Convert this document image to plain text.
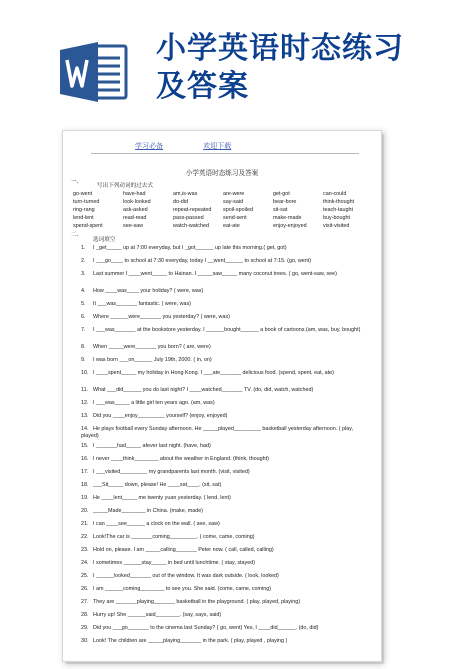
小学英语时态练习
及答案
学习必备	欢迎下载
小学英语时态练习及答案
一、
写出下列动词的过去式
go-went	have-had	am,is-was	are-were	get-got	can-could
turn-turned	look-looked	do-did	say-said	bear-bore	think-thought
ring-rang	ask-asked	repeat-repeated	spoil-spoiled	sit-sat	teach-taught
lend-lent	read-read	pass-passed	send-sent	make-made	buy-bought
spend-spent	see-saw	watch-watched	eat-ate	enjoy-enjoyed	visit-visited
二、
选词填空
1. I _get_____ up at 7:00 everyday, but I _got______ up late this morning.( get, got)
2. I ___go____ to school at 7:30 everyday, today I __went______ to school at 7:15. (go, went)
3. Last summer I ____went_____ to Hainan. I _____saw_____ many coconut trees. ( go, went-saw, see)
4. How ____was____ your holiday? ( were, was)
5. It ___was_______ fantastic. ( were, was)
6. Where ______were_______ you yesterday? ( were, was)
7. I ___was_______ at the bookstore yesterday. I ______bought______ a book of cartoons.(am, was, buy, bought)
8. When _____were_______ you born? ( are, were)
9. I was born ___on______ July 19th, 2000. ( in, on)
10. I ____spent_____ my holiday in Hong Kong. I ___ate_______ delicious food. (spend, spent, eat, ate)
11. What ___did______ you do last night? I ____watched_______ TV. (do, did, watch, watched)
12. I ___was_____ a little girl ten years ago. (am, was)
13. Did you ____enjoy_________ yourself? (enjoy, enjoyed)
14. He plays football every Sunday afternoon. He _____played_________ basketball yesterday afternoon. ( play, played)
15. I _______had_____ afever last night. (have, had)
16. I never ____think________ about the weather in England. (think, thought)
17. I ___visited_________ my grandparents last month. (visit, visited)
18. ___Sit_____ down, please! He ____sat____. (sit, sat)
19. He ____lent_____ me twenty yuan yesterday. ( lend, lent)
20. _____Made________ in China. (make, made)
21. I can ____see______ a clock on the wall. ( see, saw)
22. Look!The car is _______coming_________. ( come, came, coming)
23. Hold on, please. I am _____calling_______ Peter now. ( call, called, calling)
24. I sometimes ______stay_____ in bed until lunchtime. ( stay, stayed)
25. I ______looked_______ out of the window. It was dark outside. ( look, looked)
26. I am ______coming________ to see you. She said. (come, came, coming)
27. They are _______playing_______ basketball in the playground. ( play, played, playing)
28. Hurry up! She ______said________. (say, says, said)
29. Did you ___go_______ to the cinema last Sunday? ( go, went) Yes, I ____did______. (do, did)
30. Look! The children are _____playing_______ in the park. ( play, played , playing )
